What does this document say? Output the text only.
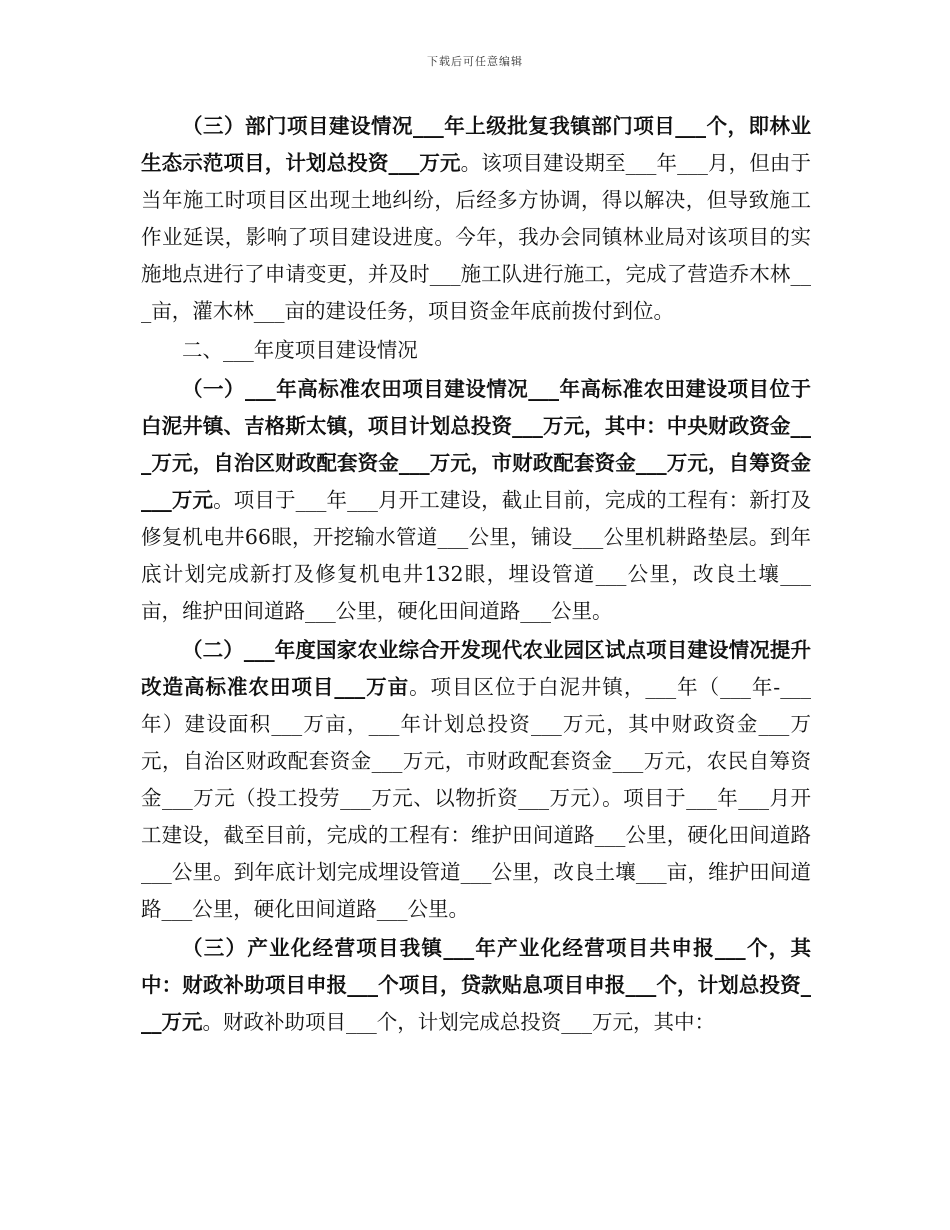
下载后可任意编辑

（三）部门项目建设情况___年上级批复我镇部门项目___个，即林业生态示范项目，计划总投资___万元。该项目建设期至___年___月，但由于当年施工时项目区出现土地纠纷，后经多方协调，得以解决，但导致施工作业延误，影响了项目建设进度。今年，我办会同镇林业局对该项目的实施地点进行了申请变更，并及时___施工队进行施工，完成了营造乔木林___亩，灌木林___亩的建设任务，项目资金年底前拨付到位。

二、___年度项目建设情况

（一）___年高标准农田项目建设情况___年高标准农田建设项目位于白泥井镇、吉格斯太镇，项目计划总投资___万元，其中：中央财政资金___万元，自治区财政配套资金___万元，市财政配套资金___万元，自筹资金___万元。项目于___年___月开工建设，截止目前，完成的工程有：新打及修复机电井66眼，开挖输水管道___公里，铺设___公里机耕路垫层。到年底计划完成新打及修复机电井132眼，埋设管道___公里，改良土壤___亩，维护田间道路___公里，硬化田间道路___公里。

（二）___年度国家农业综合开发现代农业园区试点项目建设情况提升改造高标准农田项目___万亩。项目区位于白泥井镇，___年（___年-___年）建设面积___万亩，___年计划总投资___万元，其中财政资金___万元，自治区财政配套资金___万元，市财政配套资金___万元，农民自筹资金___万元（投工投劳___万元、以物折资___万元）。项目于___年___月开工建设，截至目前，完成的工程有：维护田间道路___公里，硬化田间道路___公里。到年底计划完成埋设管道___公里，改良土壤___亩，维护田间道路___公里，硬化田间道路___公里。

（三）产业化经营项目我镇___年产业化经营项目共申报___个，其中：财政补助项目申报___个项目，贷款贴息项目申报___个，计划总投资___万元。财政补助项目___个，计划完成总投资___万元，其中：
